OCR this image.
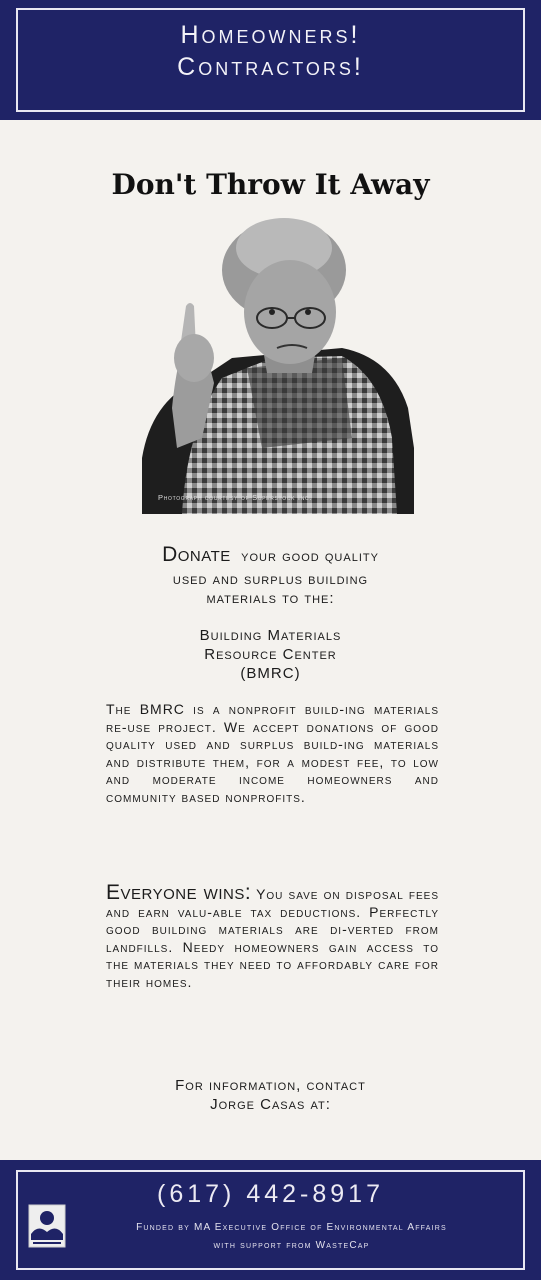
Homeowners!
Contractors!
Don't Throw It Away
Photograph courtesy of Superstock Inc.
Donate your good quality
used and surplus building
materials to the:
Building Materials
Resource Center
(BMRC)
The BMRC is a nonprofit build-ing materials re-use project. We accept donations of good quality used and surplus build-ing materials and distribute them, for a modest fee, to low and moderate income homeowners and community based nonprofits.
Everyone wins: You save on disposal fees and earn valu-able tax deductions. Perfectly good building materials are di-verted from landfills. Needy homeowners gain access to the materials they need to affordably care for their homes.
For information, contact
Jorge Casas at:
(617) 442-8917
Funded by MA Executive Office of Environmental Affairs
with support from WasteCap
